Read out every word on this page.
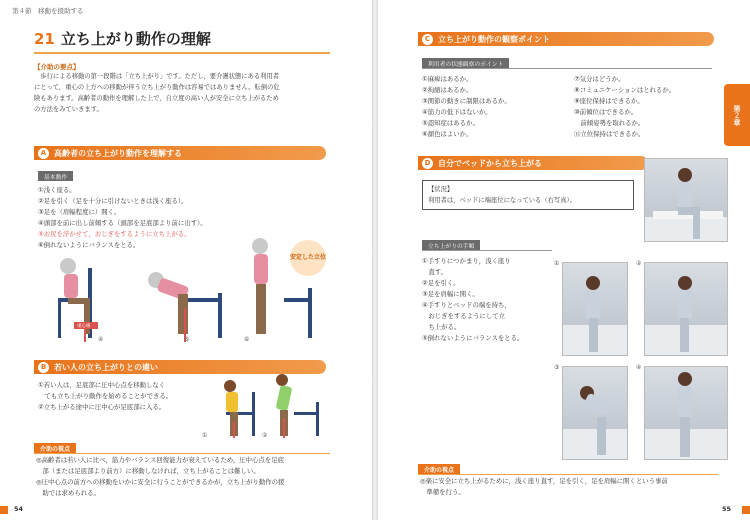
第４節　移動を援助する
21 立ち上がり動作の理解
【介助の要点】
　歩行による移動の第一段階は「立ち上がり」です。ただし，要介護状態にある利用者
にとって，重心の上方への移動が伴う立ち上がり動作は容易ではありません。転倒の危
険もあります。高齢者の動作を理解した上で，自立度の高い人が安全に立ち上がるため
の方法をみていきます。
A 高齢者の立ち上がり動作を理解する
基本動作
①浅く座る。
②足を引く（足を十分に引けないときは浅く座る）。
③足を（肩幅程度に）開く。
④頭部を前に出し前傾する（頭部を足底部より前に出す）。
⑤お尻を浮かせて，おじぎをするように立ち上がる。
⑥倒れないようにバランスをとる。
安定した立位
重心線
④	⑤	⑥
B 若い人の立ち上がりとの違い
①若い人は，足底部に圧中心点を移動しなく
　ても立ち上がり動作を始めることができる。
②立ち上がる途中に圧中心が足底部に入る。
①	②
介助の視点
◎高齢者は若い人に比べ，筋力やバランス回復能力が衰えているため，圧中心点を足底
　部（または足底部より前方）に移動しなければ，立ち上がることは難しい。
◎圧中心点の前方への移動をいかに安全に行うことができるかが，立ち上がり動作の援
　助では求められる。
54
C 立ち上がり動作の観察ポイント
利用者の状態観察のポイント
①麻痺はあるか。
②拘縮はあるか。
③関節の動きに制限はあるか。
④筋力の低下はないか。
⑤認知症はあるか。
⑥顔色はよいか。
⑦気分はどうか。
⑧コミュニケーションはとれるか。
⑨座位保持はできるか。
⑩前傾位はできるか。
　前傾姿勢を取れるか。
⑪立位保持はできるか。
D 自分でベッドから立ち上がる
【状況】
利用者は，ベッドに端座位になっている（右写真）。
立ち上がりの手順
①手すりにつかまり，浅く座り
　直す。
②足を引く。
③足を肩幅に開く。
④手すりとベッドの端を持ち，
　おじぎをするようにして立
　ち上がる。
⑤倒れないようにバランスをとる。
①	②
③	④
介助の視点
◎楽に安全に立ち上がるために，浅く座り直す，足を引く，足を肩幅に開くという事前
　準備を行う。
55
第２章
